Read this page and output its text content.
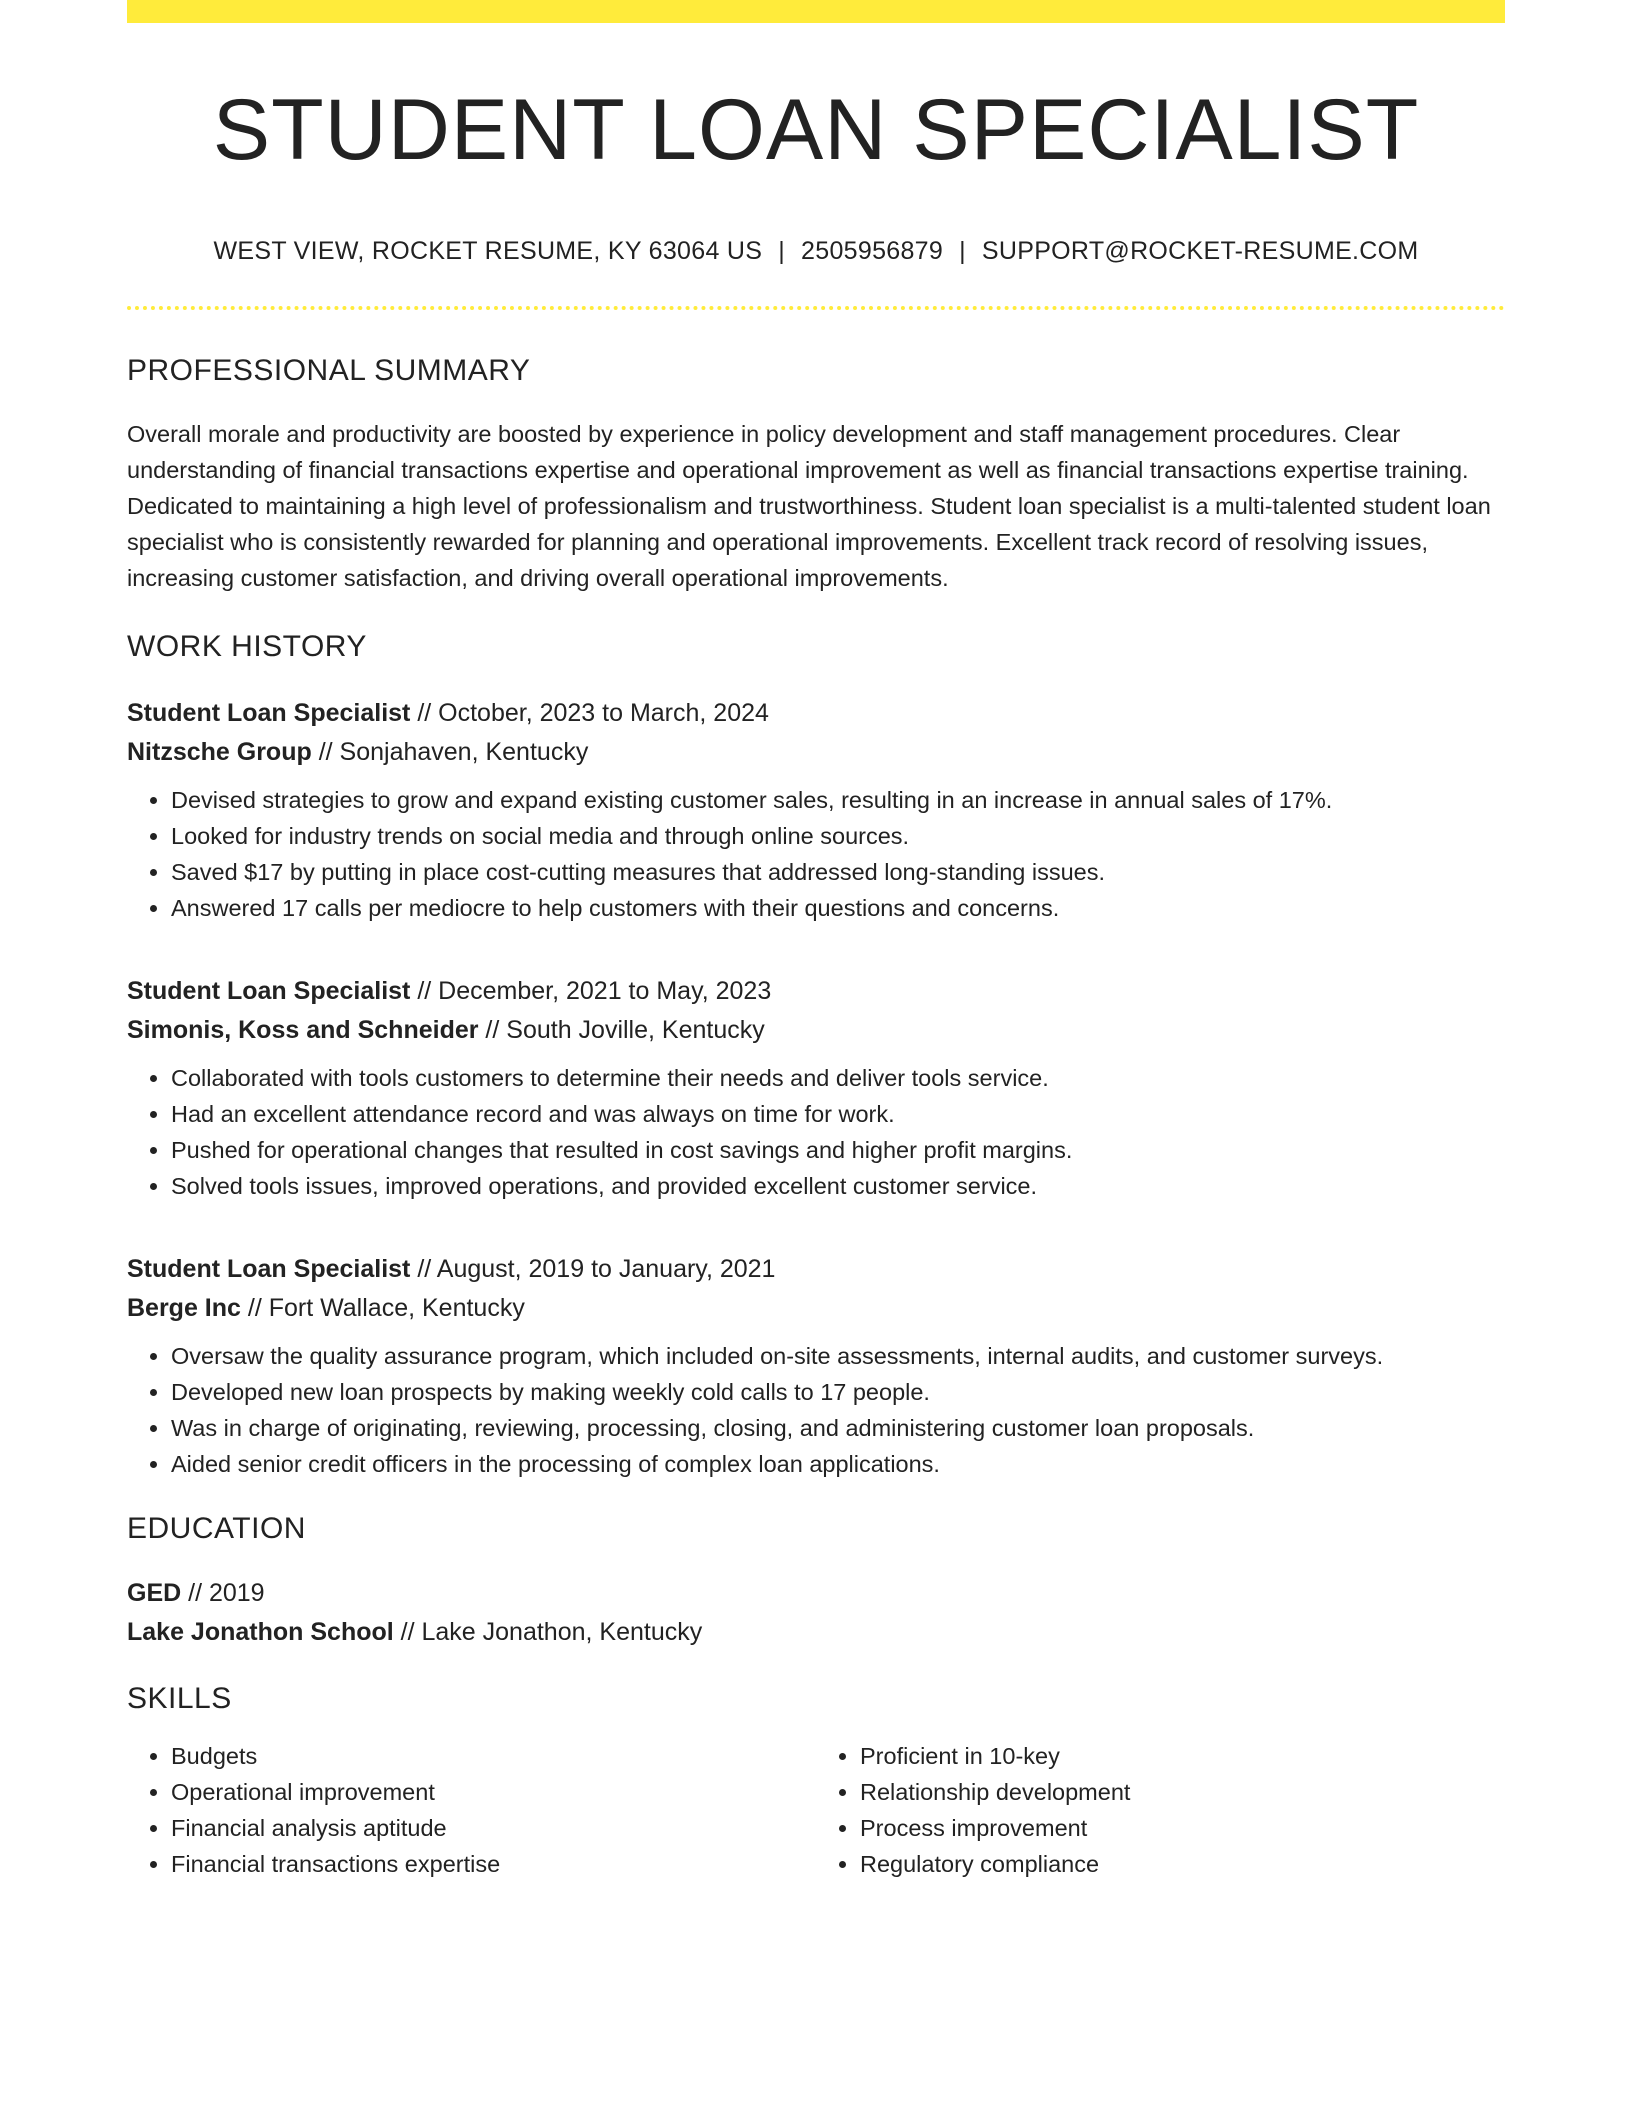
STUDENT LOAN SPECIALIST
WEST VIEW, ROCKET RESUME, KY 63064 US | 2505956879 | SUPPORT@ROCKET-RESUME.COM
PROFESSIONAL SUMMARY

Overall morale and productivity are boosted by experience in policy development and staff management procedures. Clear understanding of financial transactions expertise and operational improvement as well as financial transactions expertise training. Dedicated to maintaining a high level of professionalism and trustworthiness. Student loan specialist is a multi-talented student loan specialist who is consistently rewarded for planning and operational improvements. Excellent track record of resolving issues, increasing customer satisfaction, and driving overall operational improvements.

WORK HISTORY
Student Loan Specialist // October, 2023 to March, 2024
Nitzsche Group // Sonjahaven, Kentucky
• Devised strategies to grow and expand existing customer sales, resulting in an increase in annual sales of 17%.
• Looked for industry trends on social media and through online sources.
• Saved $17 by putting in place cost-cutting measures that addressed long-standing issues.
• Answered 17 calls per mediocre to help customers with their questions and concerns.
Student Loan Specialist // December, 2021 to May, 2023
Simonis, Koss and Schneider // South Joville, Kentucky
• Collaborated with tools customers to determine their needs and deliver tools service.
• Had an excellent attendance record and was always on time for work.
• Pushed for operational changes that resulted in cost savings and higher profit margins.
• Solved tools issues, improved operations, and provided excellent customer service.
Student Loan Specialist // August, 2019 to January, 2021
Berge Inc // Fort Wallace, Kentucky
• Oversaw the quality assurance program, which included on-site assessments, internal audits, and customer surveys.
• Developed new loan prospects by making weekly cold calls to 17 people.
• Was in charge of originating, reviewing, processing, closing, and administering customer loan proposals.
• Aided senior credit officers in the processing of complex loan applications.
EDUCATION
GED // 2019
Lake Jonathon School // Lake Jonathon, Kentucky
SKILLS
• Budgets
• Operational improvement
• Financial analysis aptitude
• Financial transactions expertise
• Proficient in 10-key
• Relationship development
• Process improvement
• Regulatory compliance
